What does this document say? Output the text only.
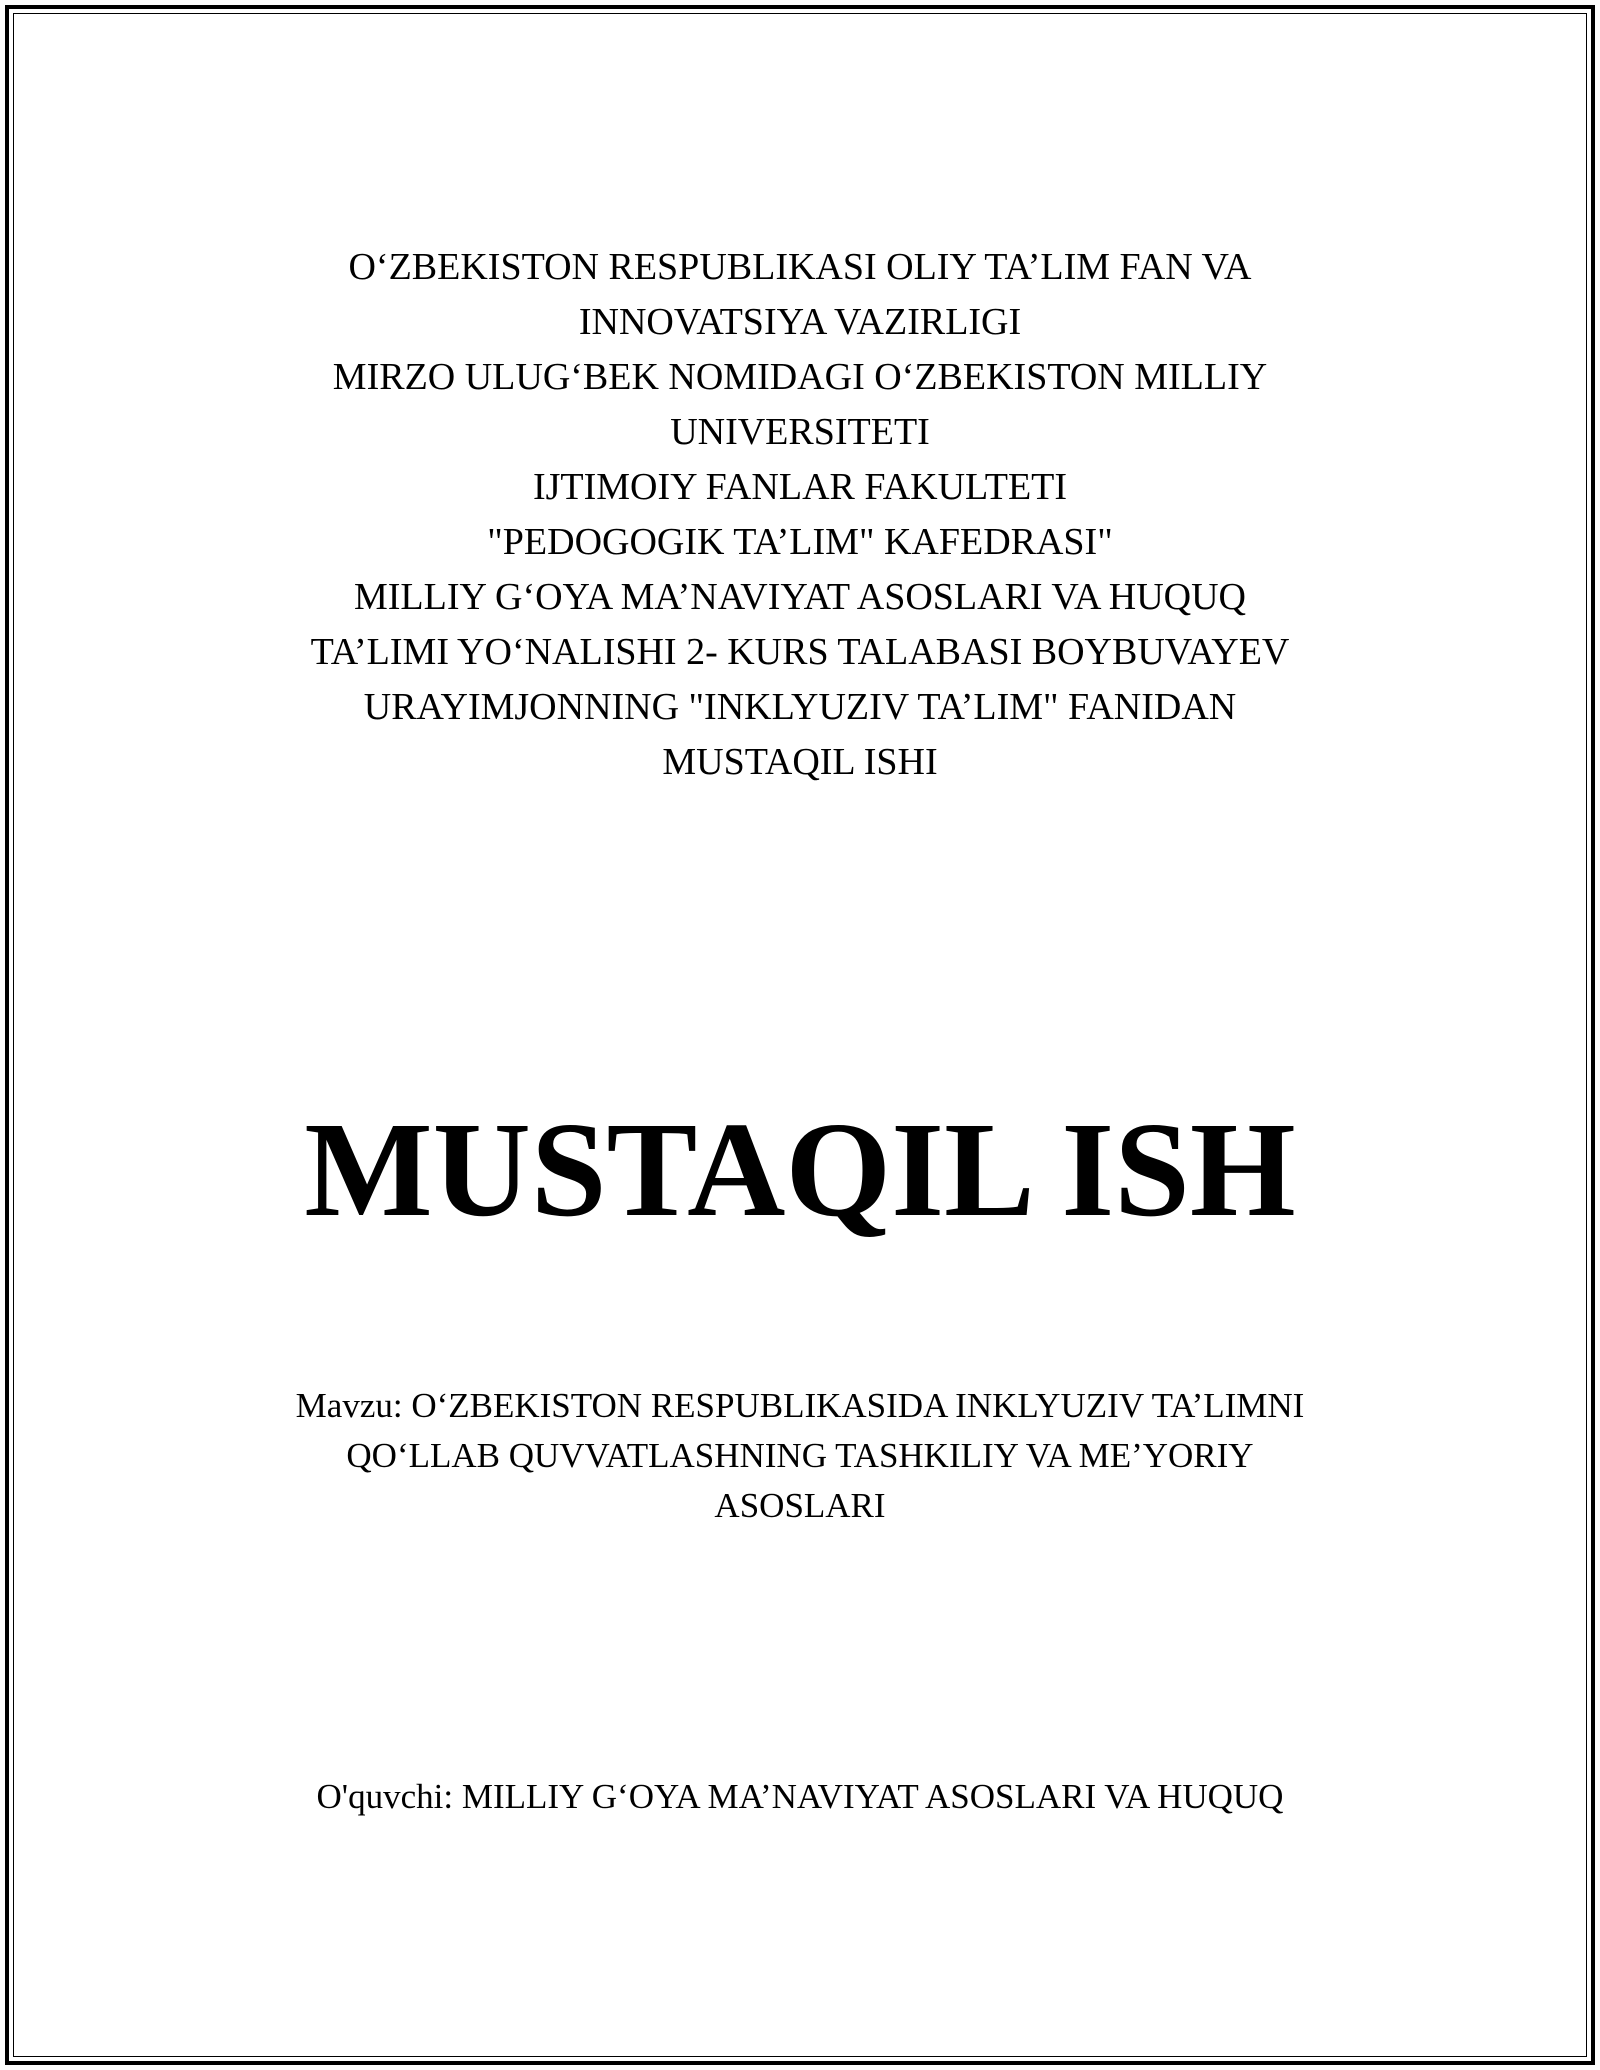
O‘ZBEKISTON RESPUBLIKASI OLIY TA’LIM FAN VA
INNOVATSIYA VAZIRLIGI
MIRZO ULUG‘BEK NOMIDAGI O‘ZBEKISTON MILLIY
UNIVERSITETI
IJTIMOIY FANLAR FAKULTETI
"PEDOGOGIK TA’LIM" KAFEDRASI"
MILLIY G‘OYA MA’NAVIYAT ASOSLARI VA HUQUQ
TA’LIMI YO‘NALISHI 2- KURS TALABASI BOYBUVAYEV
URAYIMJONNING "INKLYUZIV TA’LIM" FANIDAN
MUSTAQIL ISHI
MUSTAQIL ISH
Mavzu: O‘ZBEKISTON RESPUBLIKASIDA INKLYUZIV TA’LIMNI
QO‘LLAB QUVVATLASHNING TASHKILIY VA ME’YORIY
ASOSLARI
O'quvchi: MILLIY G‘OYA MA’NAVIYAT ASOSLARI VA HUQUQ
